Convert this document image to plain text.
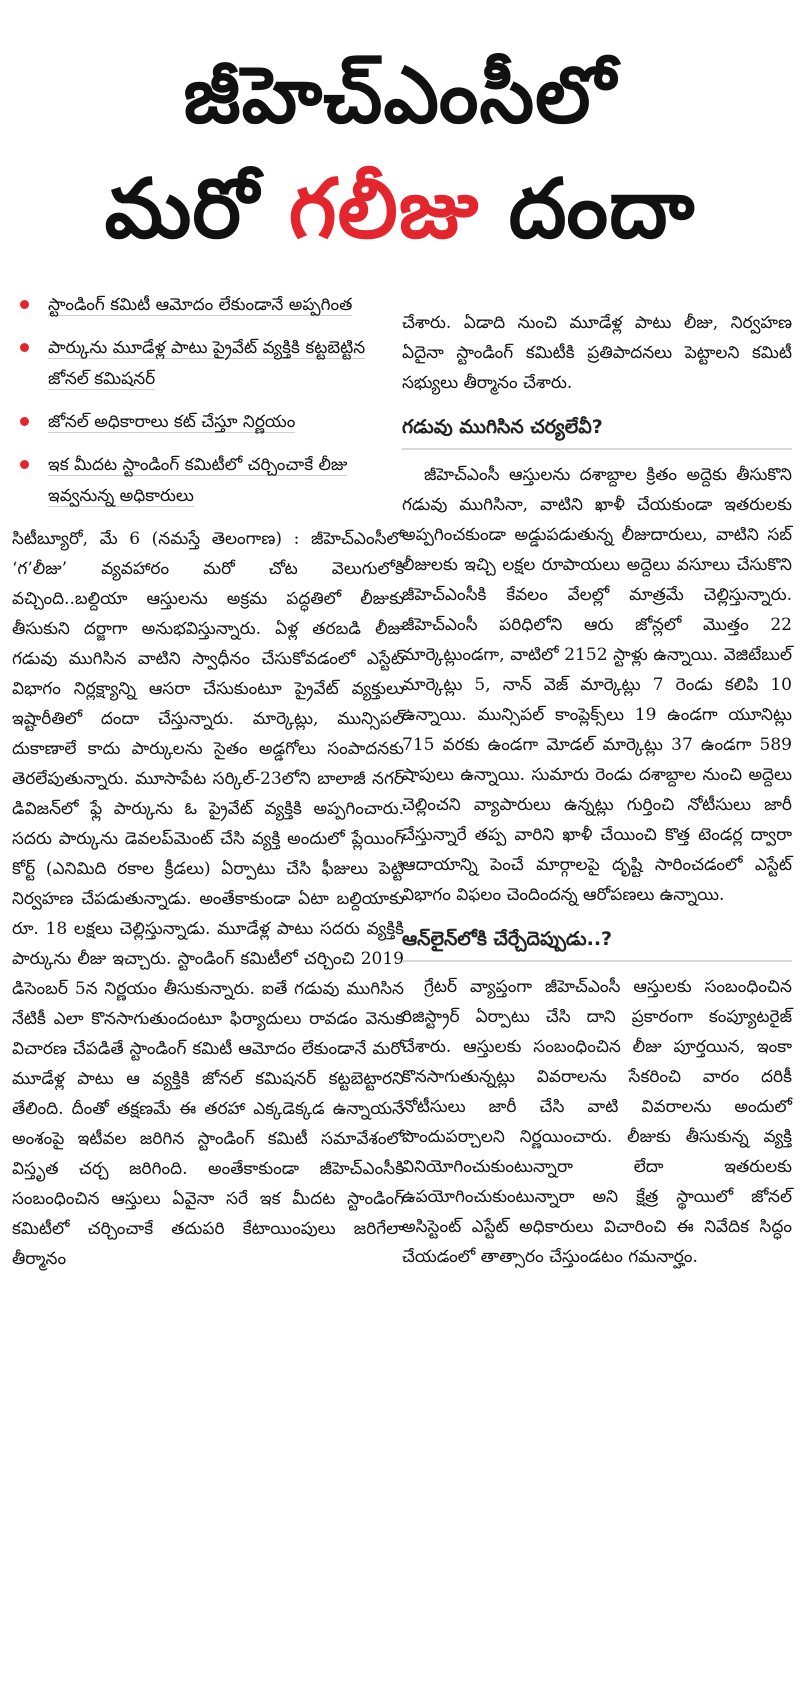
జీహెచ్‌ఎంసీలో
మరో గలీజు దందా
స్టాండింగ్‌ కమిటీ ఆమోదం లేకుండానే అప్పగింత
పార్కును మూడేళ్ల పాటు ప్రైవేట్‌ వ్యక్తికి కట్టబెట్టిన జోనల్‌ కమిషనర్‌
జోనల్‌ అధికారాలు కట్‌ చేస్తూ నిర్ణయం
ఇక మీదట స్టాండింగ్‌ కమిటీలో చర్చించాకే లీజు ఇవ్వనున్న అధికారులు

సిటీబ్యూరో, మే 6 (నమస్తే తెలంగాణ) : జీహెచ్‌ఎంసీలో ‘గ’లీజు’ వ్యవహారం మరో చోట వెలుగులోకి వచ్చింది..బల్దియా ఆస్తులను అక్రమ పద్ధతిలో లీజుకు తీసుకుని దర్జాగా అనుభవిస్తున్నారు. ఏళ్ల తరబడి లీజు గడువు ముగిసిన వాటిని స్వాధీనం చేసుకోవడంలో ఎస్టేట్‌ విభాగం నిర్లక్ష్యాన్ని ఆసరా చేసుకుంటూ ప్రైవేట్‌ వ్యక్తులు ఇష్టారీతిలో దందా చేస్తున్నారు. మార్కెట్లు, మున్సిపల్‌ దుకాణాలే కాదు పార్కులను సైతం అడ్డగోలు సంపాదనకు తెరలేపుతున్నారు. మూసాపేట సర్కిల్‌-23లోని బాలాజీ నగర్‌ డివిజన్‌లో ఫ్లే పార్కును ఓ ప్రైవేట్‌ వ్యక్తికి అప్పగించారు. సదరు పార్కును డెవలప్‌మెంట్‌ చేసి వ్యక్తి అందులో ప్లేయింగ్‌ కోర్ట్‌ (ఎనిమిది రకాల క్రీడలు) ఏర్పాటు చేసి ఫీజులు పెట్టి నిర్వహణ చేపడుతున్నాడు. అంతేకాకుండా ఏటా బల్దియాకు రూ. 18 లక్షలు చెల్లిస్తున్నాడు. మూడేళ్ల పాటు సదరు వ్యక్తికి పార్కును లీజు ఇచ్చారు. స్టాండింగ్‌ కమిటీలో చర్చించి 2019 డిసెంబర్‌ 5న నిర్ణయం తీసుకున్నారు. ఐతే గడువు ముగిసిన నేటికీ ఎలా కొనసాగుతుందంటూ ఫిర్యాదులు రావడం వెనుక విచారణ చేపడితే స్టాండింగ్‌ కమిటీ ఆమోదం లేకుండానే మరో మూడేళ్ల పాటు ఆ వ్యక్తికి జోనల్‌ కమిషనర్‌ కట్టబెట్టారని తేలింది. దీంతో తక్షణమే ఈ తరహా ఎక్కడెక్కడ ఉన్నాయనే అంశంపై ఇటీవల జరిగిన స్టాండింగ్‌ కమిటీ సమావేశంలో విస్తృత చర్చ జరిగింది. అంతేకాకుండా జీహెచ్‌ఎంసీకి సంబంధించిన ఆస్తులు ఏవైనా సరే ఇక మీదట స్టాండింగ్‌ కమిటీలో చర్చించాకే తదుపరి కేటాయింపులు జరిగేలా తీర్మానం

చేశారు. ఏడాది నుంచి మూడేళ్ల పాటు లీజు, నిర్వహణ ఏదైనా స్టాండింగ్‌ కమిటీకి ప్రతిపాదనలు పెట్టాలని కమిటీ సభ్యులు తీర్మానం చేశారు.

గడువు ముగిసిన చర్యలేవీ?

జీహెచ్‌ఎంసీ ఆస్తులను దశాబ్దాల క్రితం అద్దెకు తీసుకొని గడువు ముగిసినా, వాటిని ఖాళీ చేయకుండా ఇతరులకు అప్పగించకుండా అడ్డుపడుతున్న లీజుదారులు, వాటిని సబ్‌ లీజులకు ఇచ్చి లక్షల రూపాయలు అద్దెలు వసూలు చేసుకొని జీహెచ్‌ఎంసీకి కేవలం వేలల్లో మాత్రమే చెల్లిస్తున్నారు. జీహెచ్‌ఎంసీ పరిధిలోని ఆరు జోన్లలో మొత్తం 22 మార్కెట్లుండగా, వాటిలో 2152 స్టాళ్లు ఉన్నాయి. వెజిటేబుల్‌ మార్కెట్లు 5, నాన్‌ వెజ్‌ మార్కెట్లు 7 రెండు కలిపి 10 ఉన్నాయి. మున్సిపల్‌ కాంప్లెక్స్‌లు 19 ఉండగా యూనిట్లు 715 వరకు ఉండగా మోడల్‌ మార్కెట్లు 37 ఉండగా 589 షాపులు ఉన్నాయి. సుమారు రెండు దశాబ్దాల నుంచి అద్దెలు చెల్లించని వ్యాపారులు ఉన్నట్లు గుర్తించి నోటీసులు జారీ చేస్తున్నారే తప్ప వారిని ఖాళీ చేయించి కొత్త టెండర్ల ద్వారా ఆదాయాన్ని పెంచే మార్గాలపై దృష్టి సారించడంలో ఎస్టేట్‌ విభాగం విఫలం చెందిందన్న ఆరోపణలు ఉన్నాయి.

ఆన్‌లైన్‌లోకి చేర్చేదెప్పుడు..?

గ్రేటర్‌ వ్యాప్తంగా జీహెచ్‌ఎంసీ ఆస్తులకు సంబంధించిన రిజిస్ట్రార్‌ ఏర్పాటు చేసి దాని ప్రకారంగా కంప్యూటరైజ్‌ చేశారు. ఆస్తులకు సంబంధించిన లీజు పూర్తయిన, ఇంకా కొనసాగుతున్నట్లు వివరాలను సేకరించి వారం దరికీ నోటీసులు జారీ చేసి వాటి వివరాలను అందులో పొందుపర్చాలని నిర్ణయించారు. లీజుకు తీసుకున్న వ్యక్తి వినియోగించుకుంటున్నారా లేదా ఇతరులకు ఉపయోగించుకుంటున్నారా అని క్షేత్ర స్థాయిలో జోనల్‌ అసిస్టెంట్‌ ఎస్టేట్‌ అధికారులు విచారించి ఈ నివేదిక సిద్ధం చేయడంలో తాత్సారం చేస్తుండటం గమనార్హం.
